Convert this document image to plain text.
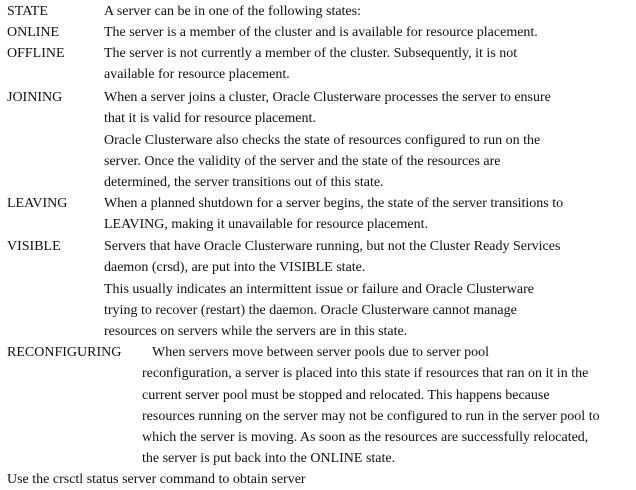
STATE	A server can be in one of the following states:
ONLINE	The server is a member of the cluster and is available for resource placement.
OFFLINE	The server is not currently a member of the cluster. Subsequently, it is not
available for resource placement.
JOINING	When a server joins a cluster, Oracle Clusterware processes the server to ensure
that it is valid for resource placement.
Oracle Clusterware also checks the state of resources configured to run on the
server. Once the validity of the server and the state of the resources are
determined, the server transitions out of this state.
LEAVING	When a planned shutdown for a server begins, the state of the server transitions to
LEAVING, making it unavailable for resource placement.
VISIBLE	Servers that have Oracle Clusterware running, but not the Cluster Ready Services
daemon (crsd), are put into the VISIBLE state.
This usually indicates an intermittent issue or failure and Oracle Clusterware
trying to recover (restart) the daemon. Oracle Clusterware cannot manage
resources on servers while the servers are in this state.
RECONFIGURING When servers move between server pools due to server pool
reconfiguration, a server is placed into this state if resources that ran on it in the
current server pool must be stopped and relocated. This happens because
resources running on the server may not be configured to run in the server pool to
which the server is moving. As soon as the resources are successfully relocated,
the server is put back into the ONLINE state.
Use the crsctl status server command to obtain server
